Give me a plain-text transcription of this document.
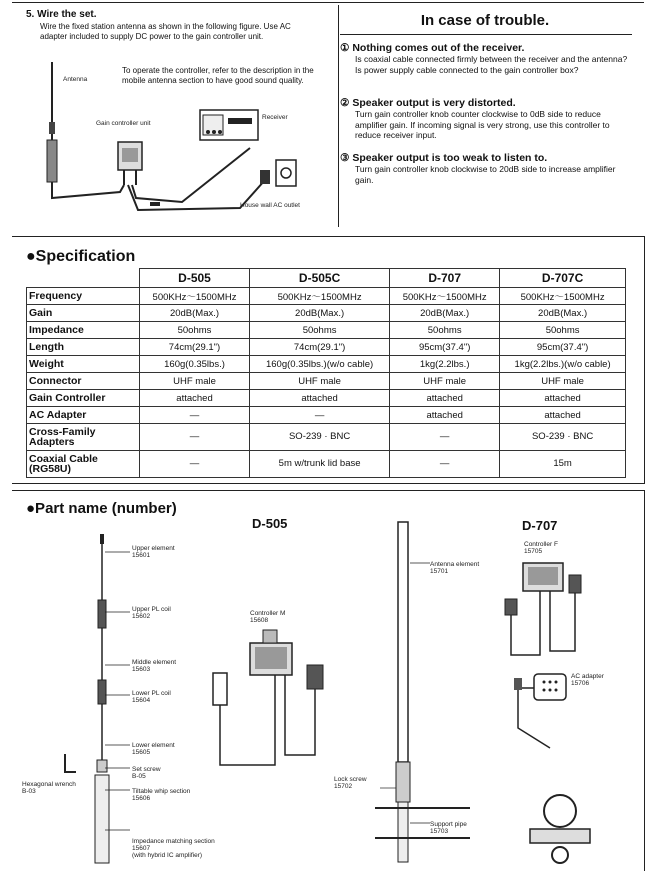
5. Wire the set.
Wire the fixed station antenna as shown in the following figure. Use AC adapter included to supply DC power to the gain controller unit.
To operate the controller, refer to the description in the mobile antenna section to have good sound quality.
Antenna
Gain controller unit
Receiver
House wall AC outlet
In case of trouble.
① Nothing comes out of the receiver.
Is coaxial cable connected firmly between the receiver and the antenna?
Is power supply cable connected to the gain controller box?
② Speaker output is very distorted.
Turn gain controller knob counter clockwise to 0dB side to reduce amplifier gain. If incoming signal is very strong, use this controller to reduce receiver input.
③ Speaker output is too weak to listen to.
Turn gain controller knob clockwise to 20dB side to increase amplifier gain.
●Specification
	D-505	D-505C	D-707	D-707C
Frequency	500KHz～1500MHz	500KHz～1500MHz	500KHz～1500MHz	500KHz～1500MHz
Gain	20dB(Max.)	20dB(Max.)	20dB(Max.)	20dB(Max.)
Impedance	50ohms	50ohms	50ohms	50ohms
Length	74cm(29.1")	74cm(29.1")	95cm(37.4")	95cm(37.4")
Weight	160g(0.35lbs.)	160g(0.35lbs.)(w/o cable)	1kg(2.2lbs.)	1kg(2.2lbs.)(w/o cable)
Connector	UHF male	UHF male	UHF male	UHF male
Gain Controller	attached	attached	attached	attached
AC Adapter	—	—	attached	attached
Cross-Family Adapters	—	SO-239 · BNC	—	SO-239 · BNC
Coaxial Cable (RG58U)	—	5m w/trunk lid base	—	15m
●Part name (number)
D-505	D-707
Upper element
15601
Upper PL coil
15602
Middle element
15603
Lower PL coil
15604
Lower element
15605
Set screw
B-05
Tiltable whip section
15606
Impedance matching section
15607
(with hybrid IC amplifier)
Hexagonal wrench
B-03
Controller M
15608
Antenna element
15701
Lock screw
15702
Support pipe
15703
Controller F
15705
AC adapter
15706
